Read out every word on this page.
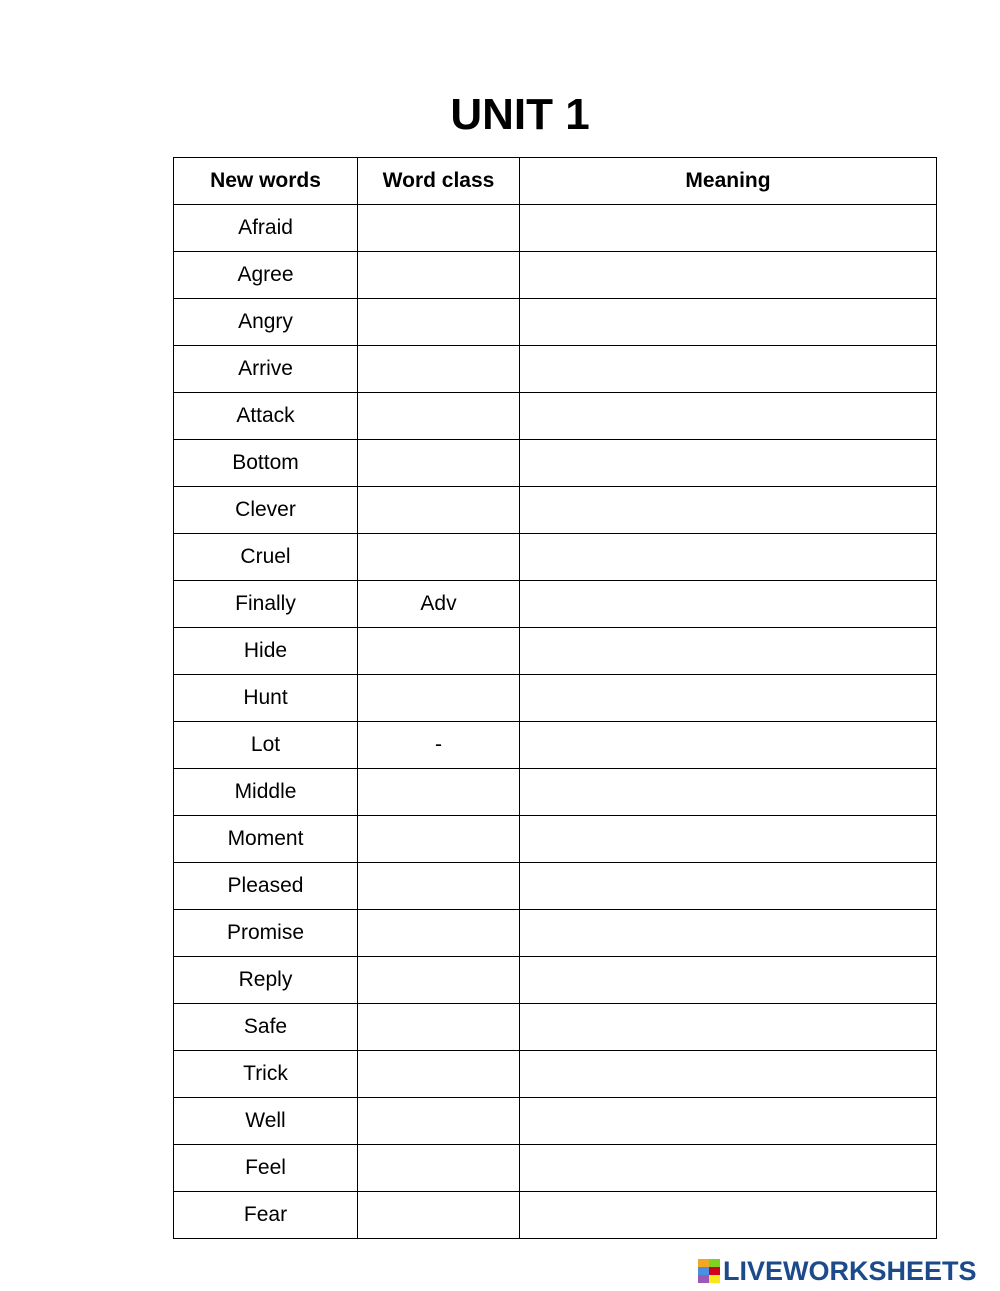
UNIT 1
New words	Word class	Meaning
Afraid		
Agree		
Angry		
Arrive		
Attack		
Bottom		
Clever		
Cruel		
Finally	Adv	
Hide		
Hunt		
Lot	-	
Middle		
Moment		
Pleased		
Promise		
Reply		
Safe		
Trick		
Well		
Feel		
Fear		
LIVEWORKSHEETS
